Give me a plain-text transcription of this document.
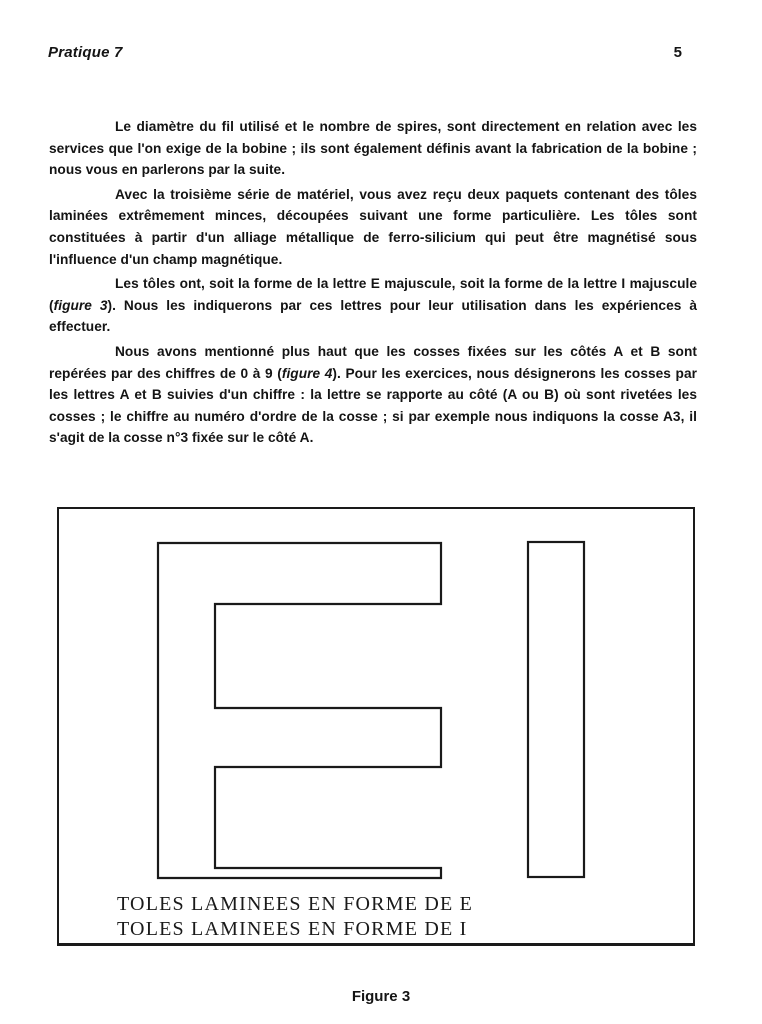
Pratique 7	5

Le diamètre du fil utilisé et le nombre de spires, sont directement en relation avec les services que l'on exige de la bobine ; ils sont également définis avant la fabrication de la bobine ; nous vous en parlerons par la suite.

Avec la troisième série de matériel, vous avez reçu deux paquets contenant des tôles laminées extrêmement minces, découpées suivant une forme particulière. Les tôles sont constituées à partir d'un alliage métallique de ferro-silicium qui peut être magnétisé sous l'influence d'un champ magnétique.

Les tôles ont, soit la forme de la lettre E majuscule, soit la forme de la lettre I majuscule (figure 3). Nous les indiquerons par ces lettres pour leur utilisation dans les expériences à effectuer.

Nous avons mentionné plus haut que les cosses fixées sur les côtés A et B sont repérées par des chiffres de 0 à 9 (figure 4). Pour les exercices, nous désignerons les cosses par les lettres A et B suivies d'un chiffre : la lettre se rapporte au côté (A ou B) où sont rivetées les cosses ; le chiffre au numéro d'ordre de la cosse ; si par exemple nous indiquons la cosse A3, il s'agit de la cosse n°3 fixée sur le côté A.

TOLES LAMINEES EN FORME DE E
TOLES LAMINEES EN FORME DE I
Figure 3
